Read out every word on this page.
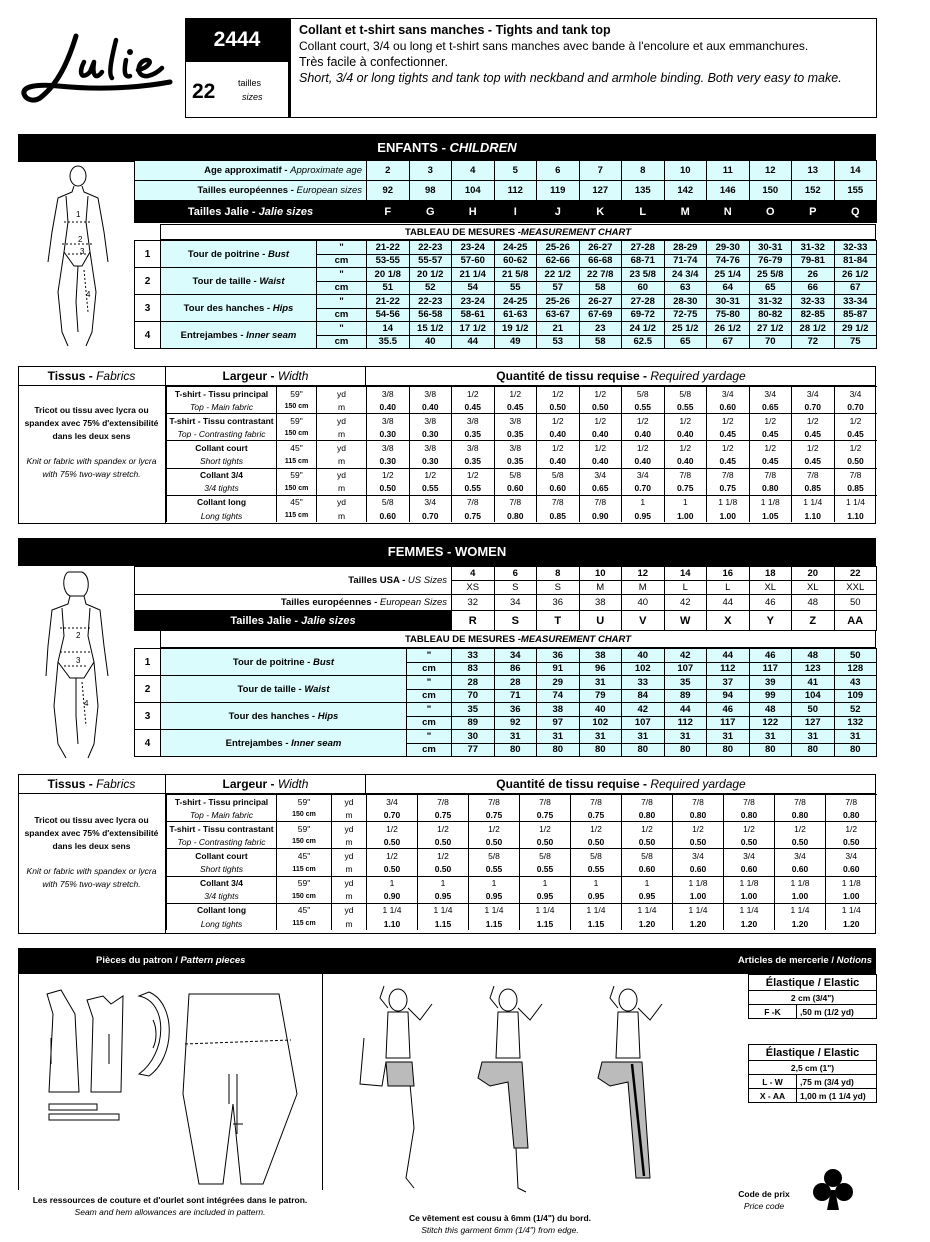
2444
22	tailles
sizes
Collant et t-shirt sans manches - Tights and tank top
Collant court, 3/4 ou long et t-shirt sans manches avec bande à l'encolure et aux emmanchures.
Très facile à confectionner.
Short, 3/4 or long tights and tank top with neckband and armhole binding. Both very easy to make.
ENFANTS - CHILDREN
1
2
3
4
Age approximatif - Approximate age	2	3	4	5	6	7	8	10	11	12	13	14
Tailles européennes - European sizes	92	98	104	112	119	127	135	142	146	150	152	155
Tailles Jalie - Jalie sizes	F	G	H	I	J	K	L	M	N	O	P	Q
TABLEAU DE MESURES -MEASUREMENT CHART
1	Tour de poitrine - Bust	"	21-22	22-23	23-24	24-25	25-26	26-27	27-28	28-29	29-30	30-31	31-32	32-33
		cm	53-55	55-57	57-60	60-62	62-66	66-68	68-71	71-74	74-76	76-79	79-81	81-84
2	Tour de taille - Waist	"	20 1/8	20 1/2	21 1/4	21 5/8	22 1/2	22 7/8	23 5/8	24 3/4	25 1/4	25 5/8	26	26 1/2
		cm	51	52	54	55	57	58	60	63	64	65	66	67
3	Tour des hanches - Hips	"	21-22	22-23	23-24	24-25	25-26	26-27	27-28	28-30	30-31	31-32	32-33	33-34
		cm	54-56	56-58	58-61	61-63	63-67	67-69	69-72	72-75	75-80	80-82	82-85	85-87
4	Entrejambes - Inner seam	"	14	15 1/2	17 1/2	19 1/2	21	23	24 1/2	25 1/2	26 1/2	27 1/2	28 1/2	29 1/2
		cm	35.5	40	44	49	53	58	62.5	65	67	70	72	75
Tissus - Fabrics	Largeur - Width	Quantité de tissu requise - Required yardage
Tricot ou tissu avec lycra ou spandex avec 75% d'extensibilité dans les deux sens
Knit or fabric with spandex or lycra with 75% two-way stretch.
T-shirt - Tissu principal	59"	yd	3/8	3/8	1/2	1/2	1/2	1/2	5/8	5/8	3/4	3/4	3/4	3/4
Top - Main fabric	150 cm	m	0.40	0.40	0.45	0.45	0.50	0.50	0.55	0.55	0.60	0.65	0.70	0.70
T-shirt - Tissu contrastant	59"	yd	3/8	3/8	3/8	3/8	1/2	1/2	1/2	1/2	1/2	1/2	1/2	1/2
Top - Contrasting fabric	150 cm	m	0.30	0.30	0.35	0.35	0.40	0.40	0.40	0.40	0.45	0.45	0.45	0.45
Collant court	45"	yd	3/8	3/8	3/8	3/8	1/2	1/2	1/2	1/2	1/2	1/2	1/2	1/2
Short tights	115 cm	m	0.30	0.30	0.35	0.35	0.40	0.40	0.40	0.40	0.45	0.45	0.45	0.50
Collant 3/4	59"	yd	1/2	1/2	1/2	5/8	5/8	3/4	3/4	7/8	7/8	7/8	7/8	7/8
3/4 tights	150 cm	m	0.50	0.55	0.55	0.60	0.60	0.65	0.70	0.75	0.75	0.80	0.85	0.85
Collant long	45"	yd	5/8	3/4	7/8	7/8	7/8	7/8	1	1	1 1/8	1 1/8	1 1/4	1 1/4
Long tights	115 cm	m	0.60	0.70	0.75	0.80	0.85	0.90	0.95	1.00	1.00	1.05	1.10	1.10
FEMMES - WOMEN
2
3
4
Tailles USA - US Sizes	4	6	8	10	12	14	16	18	20	22
	XS	S	S	M	M	L	L	XL	XL	XXL
Tailles européennes - European Sizes	32	34	36	38	40	42	44	46	48	50
Tailles Jalie - Jalie sizes	R	S	T	U	V	W	X	Y	Z	AA
TABLEAU DE MESURES -MEASUREMENT CHART
1	Tour de poitrine - Bust	"	33	34	36	38	40	42	44	46	48	50
		cm	83	86	91	96	102	107	112	117	123	128
2	Tour de taille - Waist	"	28	28	29	31	33	35	37	39	41	43
		cm	70	71	74	79	84	89	94	99	104	109
3	Tour des hanches - Hips	"	35	36	38	40	42	44	46	48	50	52
		cm	89	92	97	102	107	112	117	122	127	132
4	Entrejambes - Inner seam	"	30	31	31	31	31	31	31	31	31	31
		cm	77	80	80	80	80	80	80	80	80	80
Tissus - Fabrics	Largeur - Width	Quantité de tissu requise - Required yardage
Tricot ou tissu avec lycra ou spandex avec 75% d'extensibilité dans les deux sens
Knit or fabric with spandex or lycra with 75% two-way stretch.
T-shirt - Tissu principal	59"	yd	3/4	7/8	7/8	7/8	7/8	7/8	7/8	7/8	7/8	7/8
Top - Main fabric	150 cm	m	0.70	0.75	0.75	0.75	0.75	0.80	0.80	0.80	0.80	0.80
T-shirt - Tissu contrastant	59"	yd	1/2	1/2	1/2	1/2	1/2	1/2	1/2	1/2	1/2	1/2
Top - Contrasting fabric	150 cm	m	0.50	0.50	0.50	0.50	0.50	0.50	0.50	0.50	0.50	0.50
Collant court	45"	yd	1/2	1/2	5/8	5/8	5/8	5/8	3/4	3/4	3/4	3/4
Short tights	115 cm	m	0.50	0.50	0.55	0.55	0.55	0.60	0.60	0.60	0.60	0.60
Collant 3/4	59"	yd	1	1	1	1	1	1	1 1/8	1 1/8	1 1/8	1 1/8
3/4 tights	150 cm	m	0.90	0.95	0.95	0.95	0.95	0.95	1.00	1.00	1.00	1.00
Collant long	45"	yd	1 1/4	1 1/4	1 1/4	1 1/4	1 1/4	1 1/4	1 1/4	1 1/4	1 1/4	1 1/4
Long tights	115 cm	m	1.10	1.15	1.15	1.15	1.15	1.20	1.20	1.20	1.20	1.20
Pièces du patron / Pattern pieces	Articles de mercerie / Notions
Les ressources de couture et d'ourlet sont intégrées dans le patron.
Seam and hem allowances are included in pattern.
Ce vêtement est cousu à 6mm (1/4") du bord.
Stitch this garment 6mm (1/4") from edge.
Élastique / Elastic
2 cm (3/4")
F -K	,50 m (1/2 yd)
Élastique / Elastic	
2,5 cm (1")	
L - W	,75 m (3/4 yd)
X - AA	1,00 m (1 1/4 yd)
Code de prix
Price code
